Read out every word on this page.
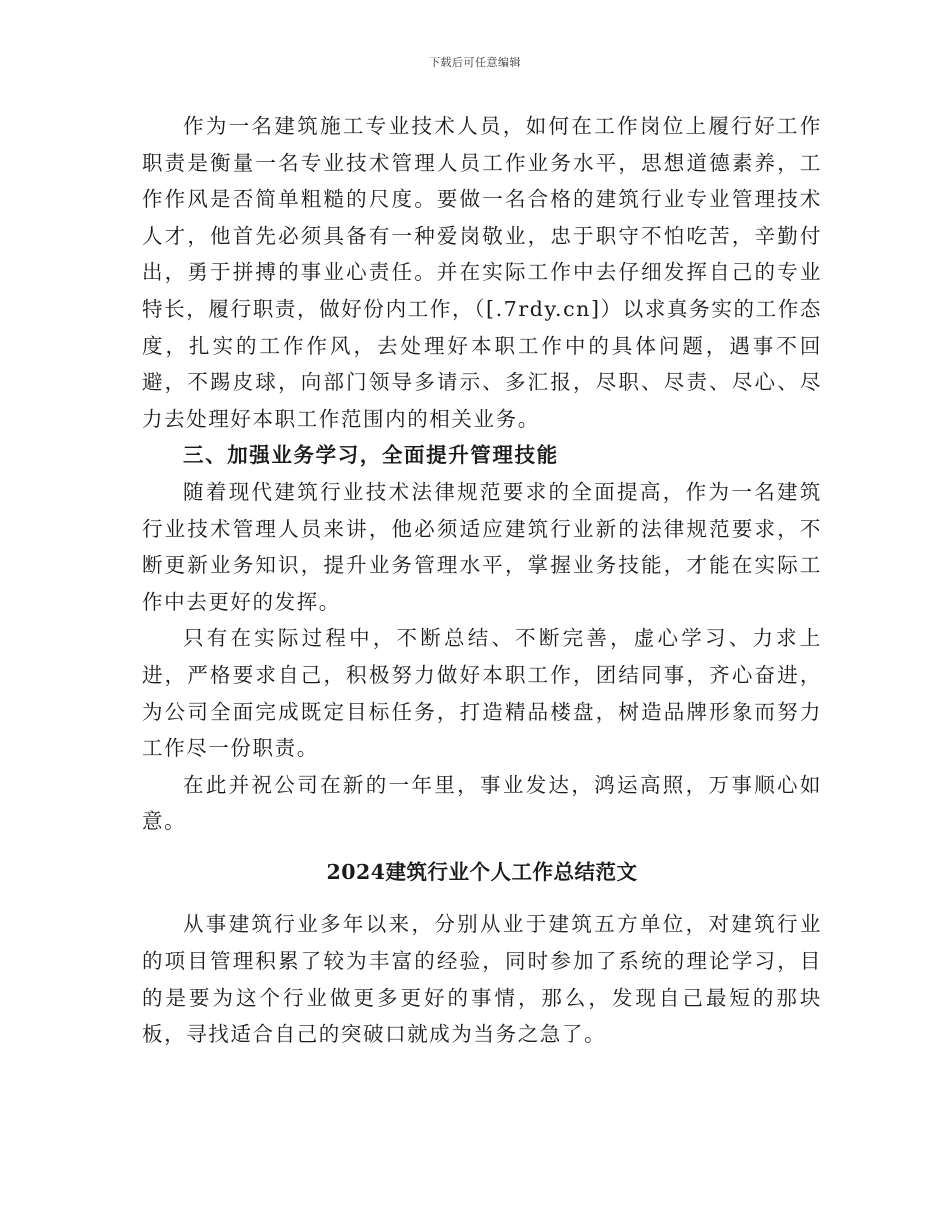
下载后可任意编辑

作为一名建筑施工专业技术人员，如何在工作岗位上履行好工作职责是衡量一名专业技术管理人员工作业务水平，思想道德素养，工作作风是否简单粗糙的尺度。要做一名合格的建筑行业专业管理技术人才，他首先必须具备有一种爱岗敬业，忠于职守不怕吃苦，辛勤付出，勇于拼搏的事业心责任。并在实际工作中去仔细发挥自己的专业特长，履行职责，做好份内工作，（[.7rdy.cn]）以求真务实的工作态度，扎实的工作作风，去处理好本职工作中的具体问题，遇事不回避，不踢皮球，向部门领导多请示、多汇报，尽职、尽责、尽心、尽力去处理好本职工作范围内的相关业务。

三、加强业务学习，全面提升管理技能

随着现代建筑行业技术法律规范要求的全面提高，作为一名建筑行业技术管理人员来讲，他必须适应建筑行业新的法律规范要求，不断更新业务知识，提升业务管理水平，掌握业务技能，才能在实际工作中去更好的发挥。

只有在实际过程中，不断总结、不断完善，虚心学习、力求上进，严格要求自己，积极努力做好本职工作，团结同事，齐心奋进，为公司全面完成既定目标任务，打造精品楼盘，树造品牌形象而努力工作尽一份职责。

在此并祝公司在新的一年里，事业发达，鸿运高照，万事顺心如意。

2024建筑行业个人工作总结范文

从事建筑行业多年以来，分别从业于建筑五方单位，对建筑行业的项目管理积累了较为丰富的经验，同时参加了系统的理论学习，目的是要为这个行业做更多更好的事情，那么，发现自己最短的那块板，寻找适合自己的突破口就成为当务之急了。
